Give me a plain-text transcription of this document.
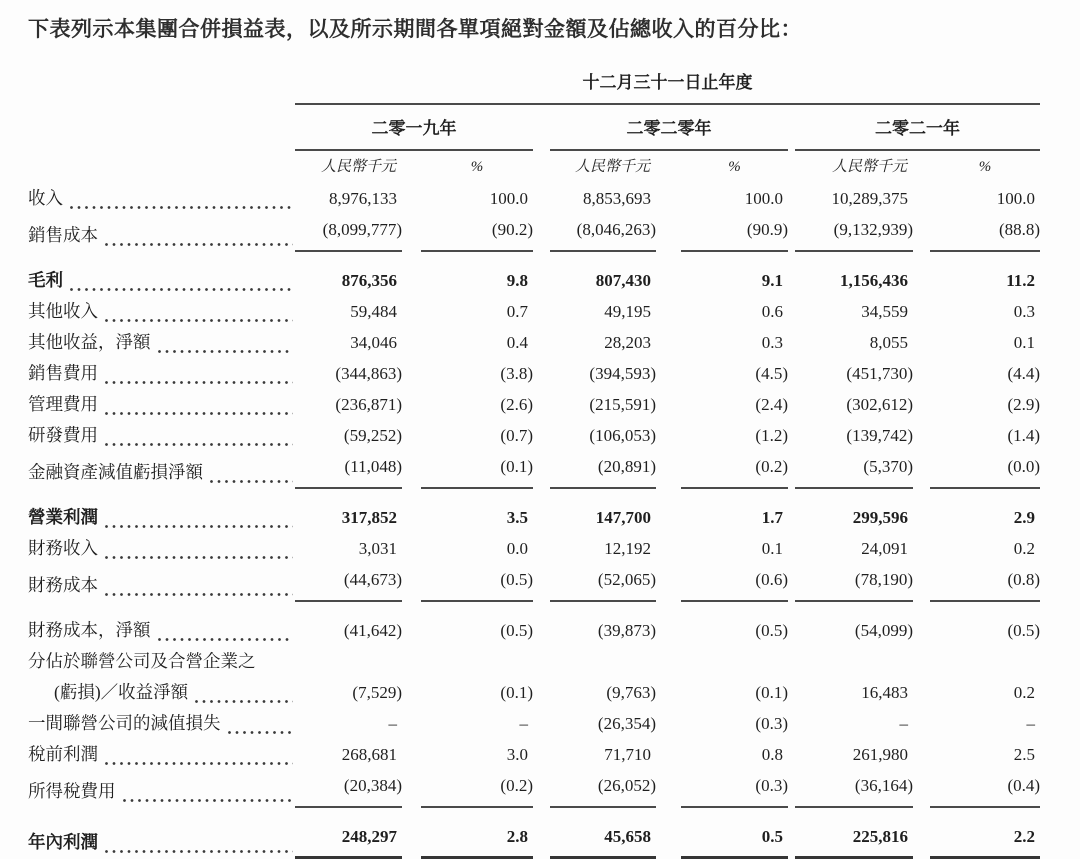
下表列示本集團合併損益表，以及所示期間各單項絕對金額及佔總收入的百分比：

	十二月三十一日止年度										
	二零一九年				二零二零年				二零二一年		
	人民幣千元		%		人民幣千元		%		人民幣千元		%

收入	8,976,133		100.0		8,853,693		100.0		10,289,375		100.0

銷售成本	(8,099,777)		(90.2)		(8,046,263)		(90.9)		(9,132,939)		(88.8)

毛利	876,356		9.8		807,430		9.1		1,156,436		11.2

其他收入	59,484		0.7		49,195		0.6		34,559		0.3

其他收益，淨額	34,046		0.4		28,203		0.3		8,055		0.1

銷售費用	(344,863)		(3.8)		(394,593)		(4.5)		(451,730)		(4.4)

管理費用	(236,871)		(2.6)		(215,591)		(2.4)		(302,612)		(2.9)

研發費用	(59,252)		(0.7)		(106,053)		(1.2)		(139,742)		(1.4)

金融資產減值虧損淨額	(11,048)		(0.1)		(20,891)		(0.2)		(5,370)		(0.0)

營業利潤	317,852		3.5		147,700		1.7		299,596		2.9

財務收入	3,031		0.0		12,192		0.1		24,091		0.2

財務成本	(44,673)		(0.5)		(52,065)		(0.6)		(78,190)		(0.8)

財務成本，淨額	(41,642)		(0.5)		(39,873)		(0.5)		(54,099)		(0.5)

分佔於聯營公司及合營企業之											

(虧損)／收益淨額	(7,529)		(0.1)		(9,763)		(0.1)		16,483		0.2

一間聯營公司的減值損失	–		–		(26,354)		(0.3)		–		–

稅前利潤	268,681		3.0		71,710		0.8		261,980		2.5

所得稅費用	(20,384)		(0.2)		(26,052)		(0.3)		(36,164)		(0.4)

年內利潤	248,297		2.8		45,658		0.5		225,816		2.2
